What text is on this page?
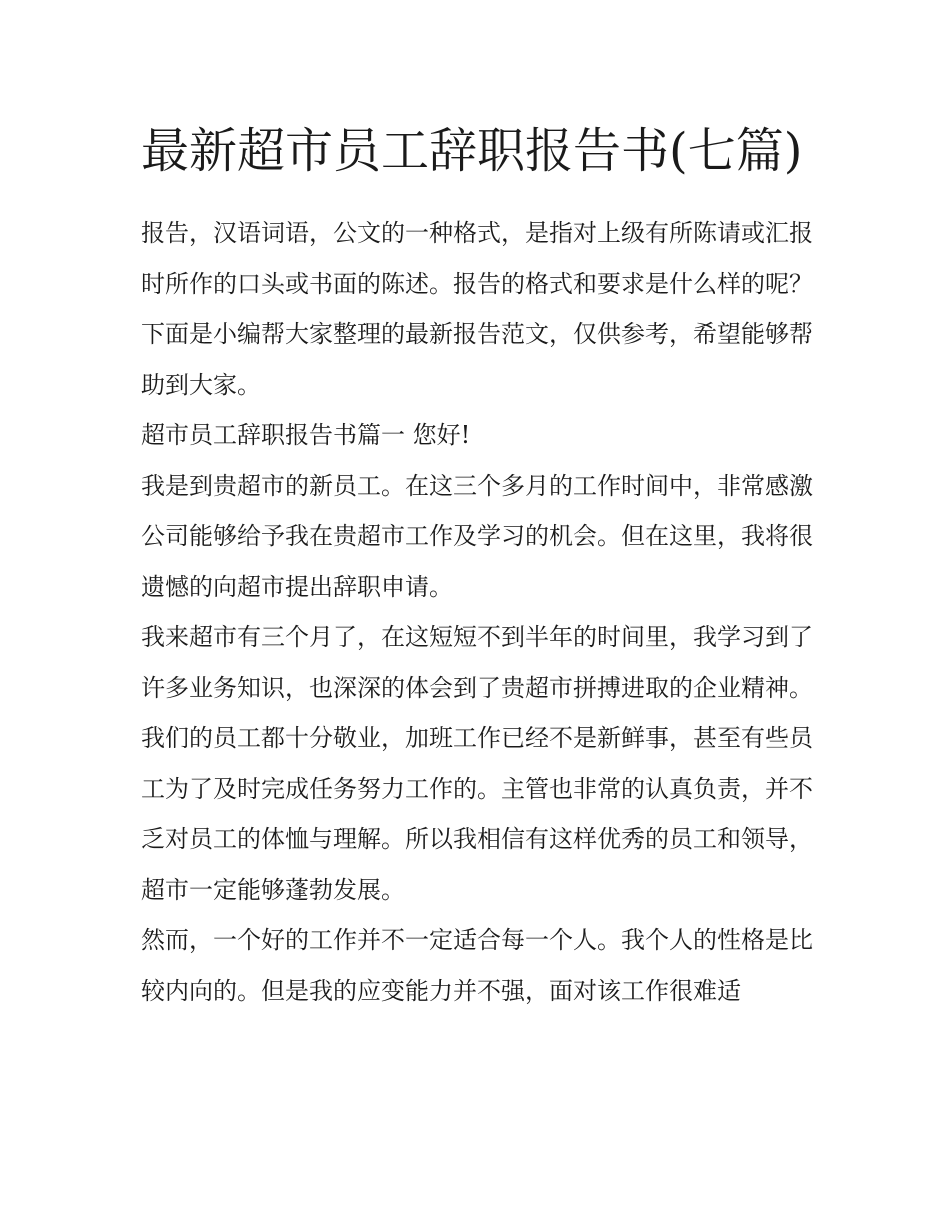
最新超市员工辞职报告书(七篇)

报告，汉语词语，公文的一种格式，是指对上级有所陈请或汇报时所作的口头或书面的陈述。报告的格式和要求是什么样的呢？下面是小编帮大家整理的最新报告范文，仅供参考，希望能够帮助到大家。

超市员工辞职报告书篇一 您好!

我是到贵超市的新员工。在这三个多月的工作时间中，非常感激公司能够给予我在贵超市工作及学习的机会。但在这里，我将很遗憾的向超市提出辞职申请。

我来超市有三个月了，在这短短不到半年的时间里，我学习到了许多业务知识，也深深的体会到了贵超市拼搏进取的企业精神。我们的员工都十分敬业，加班工作已经不是新鲜事，甚至有些员工为了及时完成任务努力工作的。主管也非常的认真负责，并不乏对员工的体恤与理解。所以我相信有这样优秀的员工和领导，超市一定能够蓬勃发展。

然而，一个好的工作并不一定适合每一个人。我个人的性格是比较内向的。但是我的应变能力并不强，面对该工作很难适
